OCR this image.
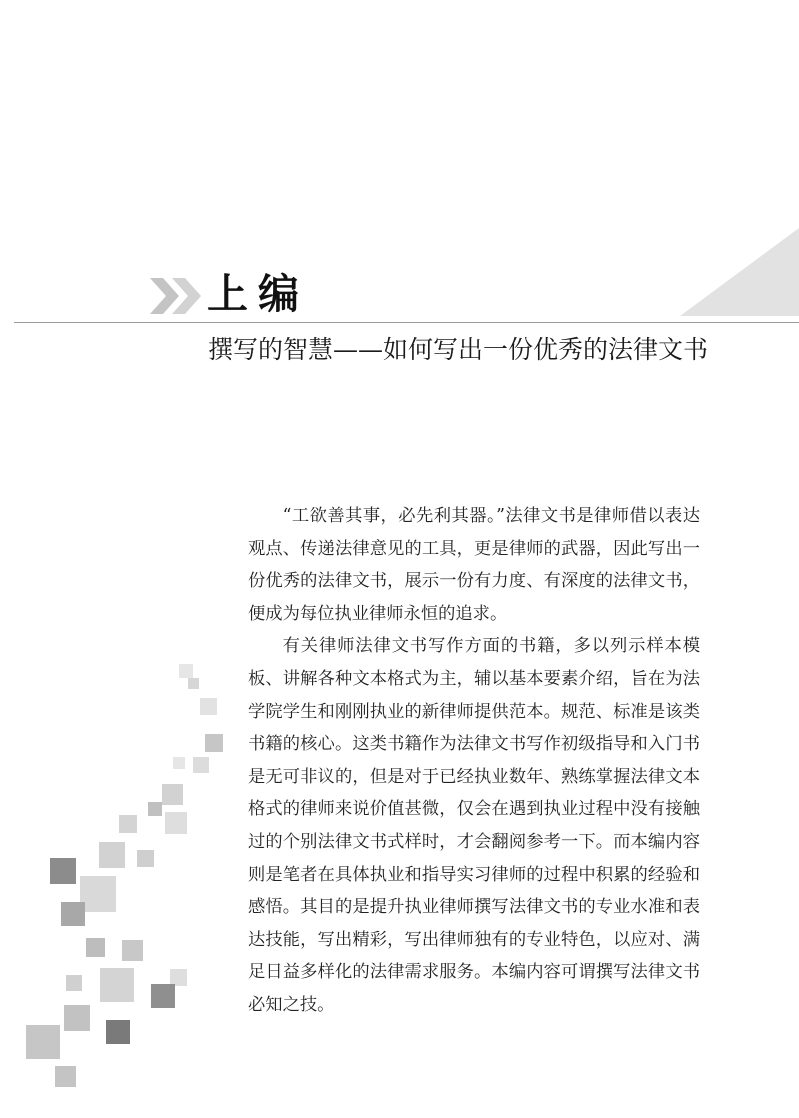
上编
撰写的智慧——如何写出一份优秀的法律文书

“工欲善其事，必先利其器。”法律文书是律师借以表达观点、传递法律意见的工具，更是律师的武器，因此写出一份优秀的法律文书，展示一份有力度、有深度的法律文书，便成为每位执业律师永恒的追求。

有关律师法律文书写作方面的书籍，多以列示样本模板、讲解各种文本格式为主，辅以基本要素介绍，旨在为法学院学生和刚刚执业的新律师提供范本。规范、标准是该类书籍的核心。这类书籍作为法律文书写作初级指导和入门书是无可非议的，但是对于已经执业数年、熟练掌握法律文本格式的律师来说价值甚微，仅会在遇到执业过程中没有接触过的个别法律文书式样时，才会翻阅参考一下。而本编内容则是笔者在具体执业和指导实习律师的过程中积累的经验和感悟。其目的是提升执业律师撰写法律文书的专业水准和表达技能，写出精彩，写出律师独有的专业特色，以应对、满足日益多样化的法律需求服务。本编内容可谓撰写法律文书必知之技。
